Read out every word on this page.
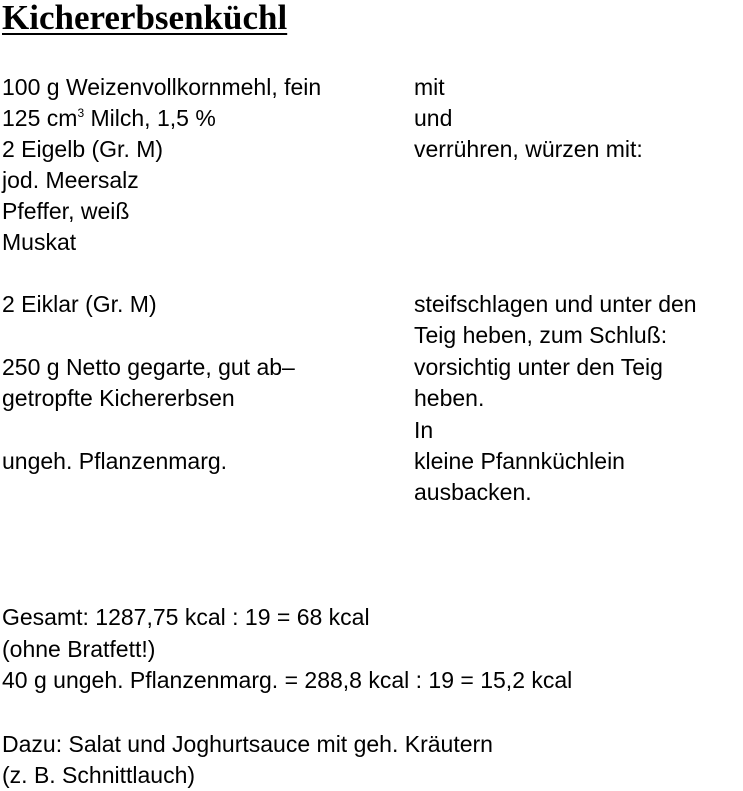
Kichererbsenküchl
100 g Weizenvollkornmehl, fein
125 $cm^3$ Milch, 1,5 %
2 Eigelb (Gr. M)
jod. Meersalz
Pfeffer, weiß
Muskat
2 Eiklar (Gr. M)
250 g Netto gegarte, gut ab–
getropfte Kichererbsen
ungeh. Pflanzenmarg.
mit
und
verrühren, würzen mit:
steifschlagen und unter den
Teig heben, zum Schluß:
vorsichtig unter den Teig
heben.
In
kleine Pfannküchlein
ausbacken.
Gesamt: 1287,75 kcal : 19 = 68 kcal
(ohne Bratfett!)
40 g ungeh. Pflanzenmarg. = 288,8 kcal : 19 = 15,2 kcal
Dazu: Salat und Joghurtsauce mit geh. Kräutern
(z. B. Schnittlauch)
